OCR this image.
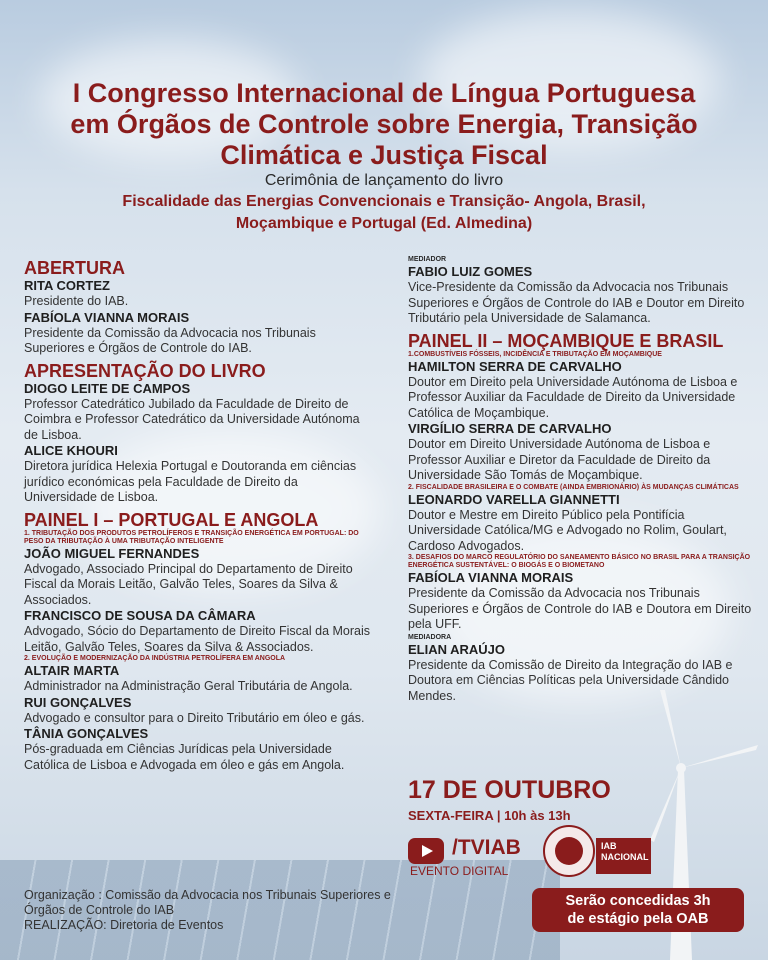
I Congresso Internacional de Língua Portuguesa
em Órgãos de Controle sobre Energia, Transição
Climática e Justiça Fiscal
Cerimônia de lançamento do livro
Fiscalidade das Energias Convencionais e Transição- Angola, Brasil,
Moçambique e Portugal (Ed. Almedina)
ABERTURA
RITA CORTEZ
Presidente do IAB.
FABÍOLA VIANNA MORAIS
Presidente da Comissão da Advocacia nos Tribunais Superiores e Órgãos de Controle do IAB.
APRESENTAÇÃO DO LIVRO
DIOGO LEITE DE CAMPOS
Professor Catedrático Jubilado da Faculdade de Direito de Coimbra e Professor Catedrático da Universidade Autónoma de Lisboa.
ALICE KHOURI
Diretora jurídica Helexia Portugal e Doutoranda em ciências jurídico económicas pela Faculdade de Direito da Universidade de Lisboa.
PAINEL I – PORTUGAL E ANGOLA
1. TRIBUTAÇÃO DOS PRODUTOS PETROLÍFEROS E TRANSIÇÃO ENERGÉTICA EM PORTUGAL: DO PESO DA TRIBUTAÇÃO À UMA TRIBUTAÇÃO INTELIGENTE
JOÃO MIGUEL FERNANDES
Advogado, Associado Principal do Departamento de Direito Fiscal da Morais Leitão, Galvão Teles, Soares da Silva & Associados.
FRANCISCO DE SOUSA DA CÂMARA
Advogado, Sócio do Departamento de Direito Fiscal da Morais Leitão, Galvão Teles, Soares da Silva & Associados.
2. EVOLUÇÃO E MODERNIZAÇÃO DA INDÚSTRIA PETROLÍFERA EM ANGOLA
ALTAIR MARTA
Administrador na Administração Geral Tributária de Angola.
RUI GONÇALVES
Advogado e consultor para o Direito Tributário em óleo e gás.
TÂNIA GONÇALVES
Pós-graduada em Ciências Jurídicas pela Universidade Católica de Lisboa e Advogada em óleo e gás em Angola.
Organização : Comissão da Advocacia nos Tribunais Superiores e Órgãos de Controle do IAB
REALIZAÇÃO: Diretoria de Eventos
MEDIADOR
FABIO LUIZ GOMES
Vice-Presidente da Comissão da Advocacia nos Tribunais Superiores e Órgãos de Controle do IAB e Doutor em Direito Tributário pela Universidade de Salamanca.
PAINEL II – MOÇAMBIQUE E BRASIL
1.COMBUSTÍVEIS FÓSSEIS, INCIDÊNCIA E TRIBUTAÇÃO EM MOÇAMBIQUE
HAMILTON SERRA DE CARVALHO
Doutor em Direito pela Universidade Autónoma de Lisboa e Professor Auxiliar da Faculdade de Direito da Universidade Católica de Moçambique.
VIRGÍLIO SERRA DE CARVALHO
Doutor em Direito Universidade Autónoma de Lisboa e Professor Auxiliar e Diretor da Faculdade de Direito da Universidade São Tomás de Moçambique.
2. FISCALIDADE BRASILEIRA E O COMBATE (AINDA EMBRIONÁRIO) ÀS MUDANÇAS CLIMÁTICAS
LEONARDO VARELLA GIANNETTI
Doutor e Mestre em Direito Público pela Pontifícia Universidade Católica/MG e Advogado no Rolim, Goulart, Cardoso Advogados.
3. DESAFIOS DO MARCO REGULATÓRIO DO SANEAMENTO BÁSICO NO BRASIL PARA A TRANSIÇÃO ENERGÉTICA SUSTENTÁVEL: O BIOGÁS E O BIOMETANO
FABÍOLA VIANNA MORAIS
Presidente da Comissão da Advocacia nos Tribunais Superiores e Órgãos de Controle do IAB e Doutora em Direito pela UFF.
MEDIADORA
ELIAN ARAÚJO
Presidente da Comissão de Direito da Integração do IAB e Doutora em Ciências Políticas pela Universidade Cândido Mendes.
17 DE OUTUBRO
SEXTA-FEIRA | 10h às 13h
/TVIAB
EVENTO DIGITAL
IAB
NACIONAL
Serão concedidas 3h
de estágio pela OAB
